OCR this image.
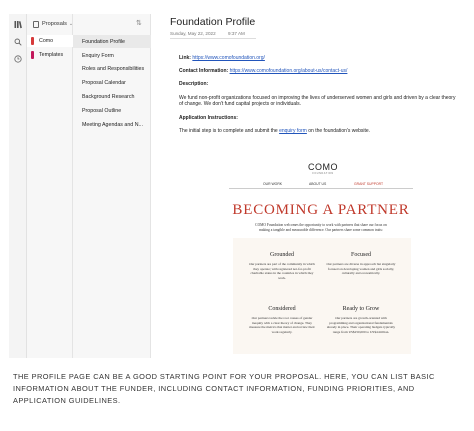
Proposals ⌄	⇅
Como
Templates
Foundation Profile
Enquiry Form
Roles and Responsibilities
Proposal Calendar
Background Research
Proposal Outline
Meeting Agendas and N...
Foundation Profile
Sunday, May 22, 2022	9:37 AM
Link: https://www.comofoundation.org/
Contact Information: https://www.comofoundation.org/about-us/contact-us/
Description:
We fund non-profit organizations focused on improving the lives of underserved women and girls and driven by a clear theory of change. We don't fund capital projects or individuals.
Application Instructions:
The initial step is to complete and submit the enquiry form on the foundation's website.
COMO
FOUNDATION
OUR WORK	ABOUT US	GRANT SUPPORT
BECOMING A PARTNER
COMO Foundation welcomes the opportunity to work with partners that share our focus on making a tangible and measurable difference. Our partners share some common traits:
Grounded
Our partners are part of the community in which they operate; with registered not-for-profit charitable status in the countries in which they work.
Focused
Our partners are diverse in approach but singularly focused on developing women and girls socially, culturally and economically.
Considered
Our partners tackle the root causes of gender inequity with a clear theory of change. They measure the metrics that matter and review their work regularly.
Ready to Grow
Our partners are growth-oriented with programming and organizational fundamentals already in place. Their operating budgets typically range from US$250,000 to US$4 million.
THE PROFILE PAGE CAN BE A GOOD STARTING POINT FOR YOUR PROPOSAL. HERE, YOU CAN LIST BASIC INFORMATION ABOUT THE FUNDER, INCLUDING CONTACT INFORMATION, FUNDING PRIORITIES, AND APPLICATION GUIDELINES.
